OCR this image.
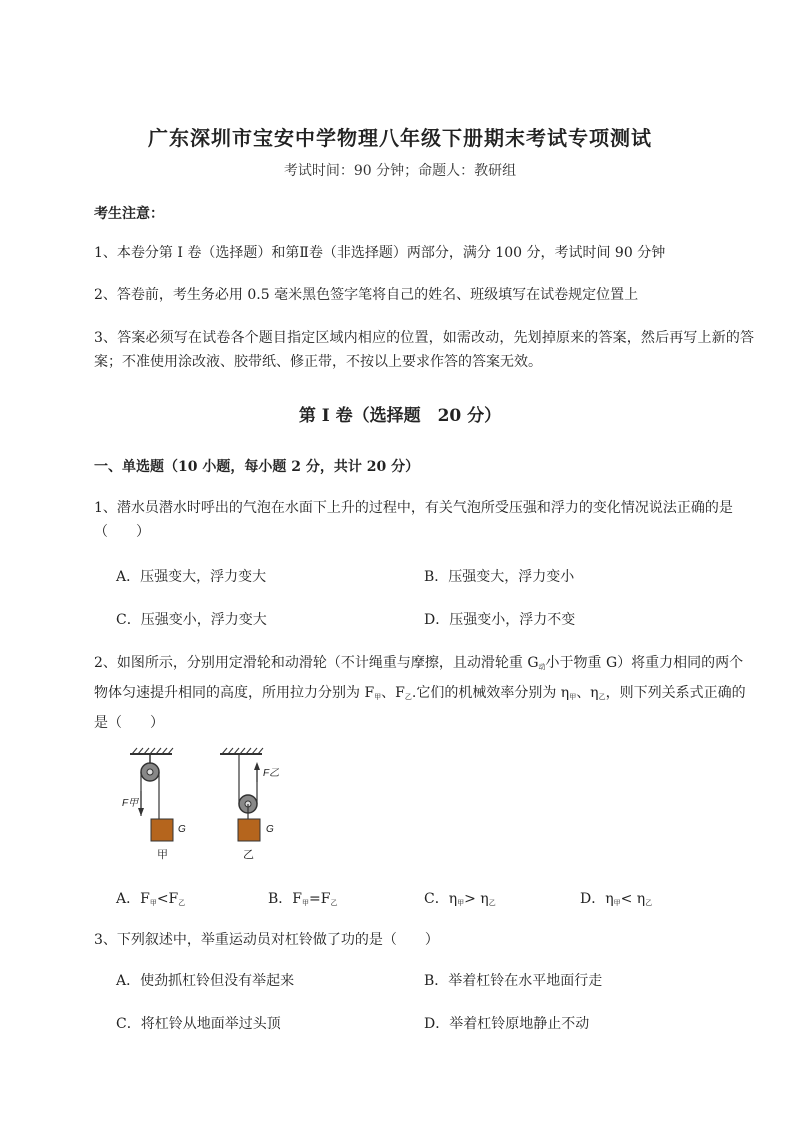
广东深圳市宝安中学物理八年级下册期末考试专项测试
考试时间：90 分钟；命题人：教研组
考生注意：
1、本卷分第 I 卷（选择题）和第Ⅱ卷（非选择题）两部分，满分 100 分，考试时间 90 分钟
2、答卷前，考生务必用 0.5 毫米黑色签字笔将自己的姓名、班级填写在试卷规定位置上
3、答案必须写在试卷各个题目指定区域内相应的位置，如需改动，先划掉原来的答案，然后再写上新的答案；不准使用涂改液、胶带纸、修正带，不按以上要求作答的答案无效。
第 I 卷（选择题　20 分）
一、单选题（10 小题，每小题 2 分，共计 20 分）
1、潜水员潜水时呼出的气泡在水面下上升的过程中，有关气泡所受压强和浮力的变化情况说法正确的是（　　）
A．压强变大，浮力变大	B．压强变大，浮力变小
C．压强变小，浮力变大	D．压强变小，浮力不变
2、如图所示，分别用定滑轮和动滑轮（不计绳重与摩擦，且动滑轮重 $G_动$小于物重 G）将重力相同的两个物体匀速提升相同的高度，所用拉力分别为 $F_甲$、$F_乙$.它们的机械效率分别为 $\eta_甲$、$\eta_乙$，则下列关系式正确的是（　　）
F甲
G
甲
F乙
G
乙
A．$F_甲<F_乙$	B．$F_甲=F_乙$	C．$\eta_甲> \eta_乙$	D．$\eta_甲< \eta_乙$
3、下列叙述中，举重运动员对杠铃做了功的是（　　）
A．使劲抓杠铃但没有举起来	B．举着杠铃在水平地面行走
C．将杠铃从地面举过头顶	D．举着杠铃原地静止不动
